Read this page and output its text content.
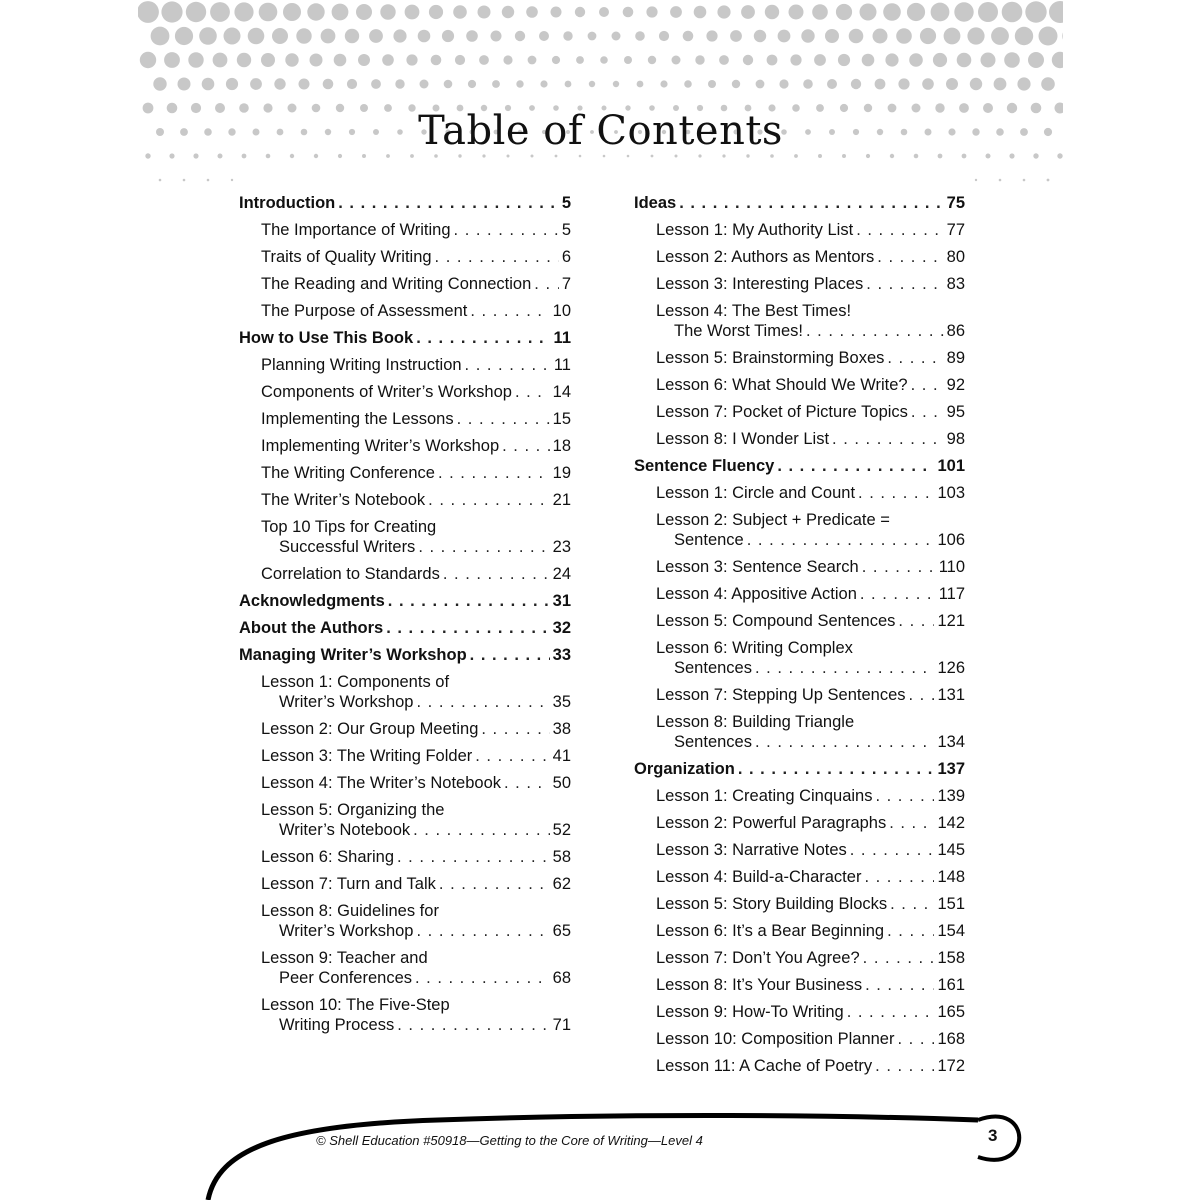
Table of Contents
Introduction . . .	5
The Importance of Writing . . .	5
Traits of Quality Writing . . .	6
The Reading and Writing Connection . . . 7
The Purpose of Assessment . . .	10
How to Use This Book . . .	11
Planning Writing Instruction . . .	11
Components of Writer’s Workshop . . . 14
Implementing the Lessons . . .	15
Implementing Writer’s Workshop . . .	18
The Writing Conference . . .	19
The Writer’s Notebook . . .	21
Top 10 Tips for Creating
Successful Writers . . .	23
Correlation to Standards . . .	24
Acknowledgments . . .	31
About the Authors . . .	32
Managing Writer’s Workshop . . .	33
Lesson 1: Components of
Writer’s Workshop . . .	35
Lesson 2: Our Group Meeting . . .	38
Lesson 3: The Writing Folder . . .	41
Lesson 4: The Writer’s Notebook . . .	50
Lesson 5: Organizing the
Writer’s Notebook . . .	52
Lesson 6: Sharing . . .	58
Lesson 7: Turn and Talk . . .	62
Lesson 8: Guidelines for
Writer’s Workshop . . .	65
Lesson 9: Teacher and
Peer Conferences . . .	68
Lesson 10: The Five-Step
Writing Process . . .	71
Ideas . . .	75
Lesson 1: My Authority List . . .	77
Lesson 2: Authors as Mentors . . .	80
Lesson 3: Interesting Places . . .	83
Lesson 4: The Best Times!
The Worst Times! . . .	86
Lesson 5: Brainstorming Boxes . . .	89
Lesson 6: What Should We Write? . . . 92
Lesson 7: Pocket of Picture Topics . . . 95
Lesson 8: I Wonder List . . .	98
Sentence Fluency . . .	101
Lesson 1: Circle and Count . . .	103
Lesson 2: Subject + Predicate =
Sentence . . .	106
Lesson 3: Sentence Search . . .	110
Lesson 4: Appositive Action . . .	117
Lesson 5: Compound Sentences . . .	121
Lesson 6: Writing Complex
Sentences . . .	126
Lesson 7: Stepping Up Sentences . . . 131
Lesson 8: Building Triangle
Sentences . . .	134
Organization . . .	137
Lesson 1: Creating Cinquains . . .	139
Lesson 2: Powerful Paragraphs . . .	142
Lesson 3: Narrative Notes . . .	145
Lesson 4: Build-a-Character . . .	148
Lesson 5: Story Building Blocks . . .	151
Lesson 6: It’s a Bear Beginning . . .	154
Lesson 7: Don’t You Agree? . . .	158
Lesson 8: It’s Your Business . . .	161
Lesson 9: How-To Writing . . .	165
Lesson 10: Composition Planner . . .	168
Lesson 11: A Cache of Poetry . . .	172
© Shell Education #50918—Getting to the Core of Writing—Level 4	3
